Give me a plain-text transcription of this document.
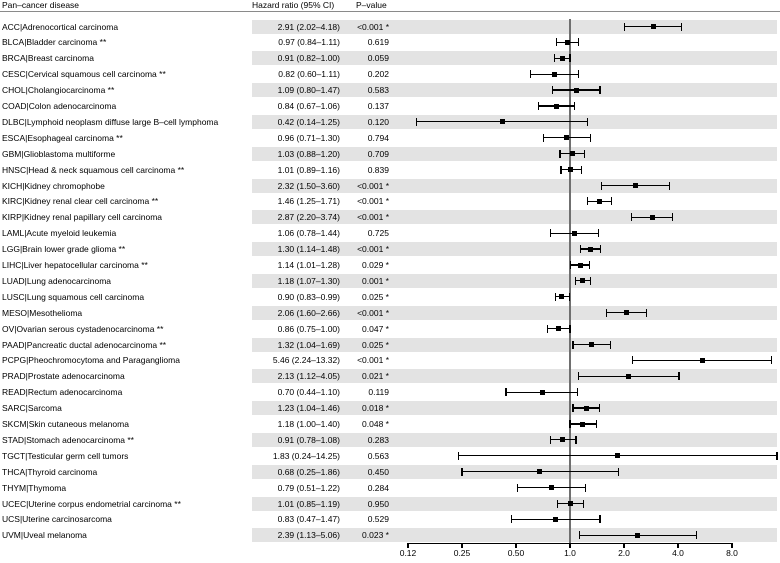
Pan–cancer disease	Hazard ratio (95% CI)	P–value
ACC|Adrenocortical carcinoma	2.91 (2.02–4.18)	<0.001 *
BLCA|Bladder carcinoma **	0.97 (0.84–1.11)	0.619
BRCA|Breast carcinoma	0.91 (0.82–1.00)	0.059
CESC|Cervical squamous cell carcinoma **	0.82 (0.60–1.11)	0.202
CHOL|Cholangiocarcinoma **	1.09 (0.80–1.47)	0.583
COAD|Colon adenocarcinoma	0.84 (0.67–1.06)	0.137
DLBC|Lymphoid neoplasm diffuse large B–cell lymphoma	0.42 (0.14–1.25)	0.120
ESCA|Esophageal carcinoma **	0.96 (0.71–1.30)	0.794
GBM|Glioblastoma multiforme	1.03 (0.88–1.20)	0.709
HNSC|Head & neck squamous cell carcinoma **	1.01 (0.89–1.16)	0.839
KICH|Kidney chromophobe	2.32 (1.50–3.60)	<0.001 *
KIRC|Kidney renal clear cell carcinoma **	1.46 (1.25–1.71)	<0.001 *
KIRP|Kidney renal papillary cell carcinoma	2.87 (2.20–3.74)	<0.001 *
LAML|Acute myeloid leukemia	1.06 (0.78–1.44)	0.725
LGG|Brain lower grade glioma **	1.30 (1.14–1.48)	<0.001 *
LIHC|Liver hepatocellular carcinoma **	1.14 (1.01–1.28)	0.029 *
LUAD|Lung adenocarcinoma	1.18 (1.07–1.30)	0.001 *
LUSC|Lung squamous cell carcinoma	0.90 (0.83–0.99)	0.025 *
MESO|Mesothelioma	2.06 (1.60–2.66)	<0.001 *
OV|Ovarian serous cystadenocarcinoma **	0.86 (0.75–1.00)	0.047 *
PAAD|Pancreatic ductal adenocarcinoma **	1.32 (1.04–1.69)	0.025 *
PCPG|Pheochromocytoma and Paraganglioma	5.46 (2.24–13.32)	<0.001 *
PRAD|Prostate adenocarcinoma	2.13 (1.12–4.05)	0.021 *
READ|Rectum adenocarcinoma	0.70 (0.44–1.10)	0.119
SARC|Sarcoma	1.23 (1.04–1.46)	0.018 *
SKCM|Skin cutaneous melanoma	1.18 (1.00–1.40)	0.048 *
STAD|Stomach adenocarcinoma **	0.91 (0.78–1.08)	0.283
TGCT|Testicular germ cell tumors	1.83 (0.24–14.25)	0.563
THCA|Thyroid carcinoma	0.68 (0.25–1.86)	0.450
THYM|Thymoma	0.79 (0.51–1.22)	0.284
UCEC|Uterine corpus endometrial carcinoma **	1.01 (0.85–1.19)	0.950
UCS|Uterine carcinosarcoma	0.83 (0.47–1.47)	0.529
UVM|Uveal melanoma	2.39 (1.13–5.06)	0.023 *
0.12	0.25	0.50	1.0	2.0	4.0	8.0
